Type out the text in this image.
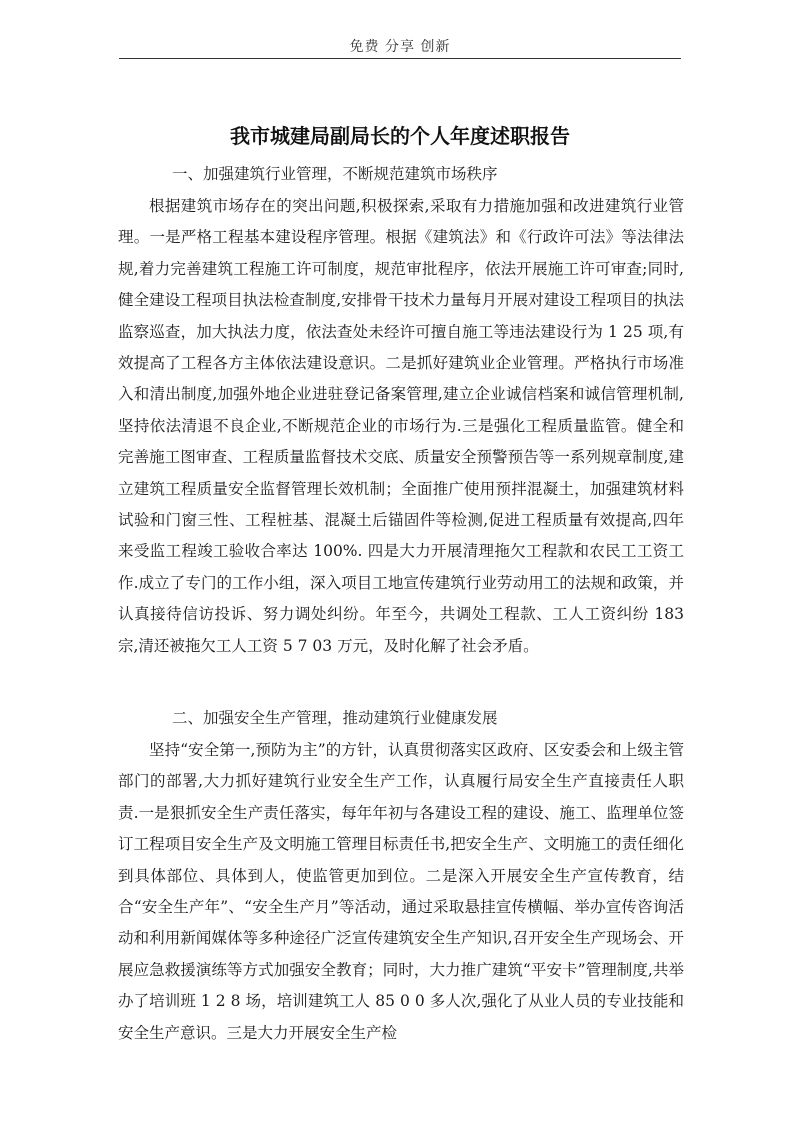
免费 分享 创新
我市城建局副局长的个人年度述职报告
一、加强建筑行业管理，不断规范建筑市场秩序
根据建筑市场存在的突出问题,积极探索,采取有力措施加强和改进建筑行业管理。一是严格工程基本建设程序管理。根据《建筑法》和《行政许可法》等法律法规,着力完善建筑工程施工许可制度，规范审批程序，依法开展施工许可审查;同时,健全建设工程项目执法检查制度,安排骨干技术力量每月开展对建设工程项目的执法监察巡查，加大执法力度，依法查处未经许可擅自施工等违法建设行为 1 25 项,有效提高了工程各方主体依法建设意识。二是抓好建筑业企业管理。严格执行市场准入和清出制度,加强外地企业进驻登记备案管理,建立企业诚信档案和诚信管理机制,坚持依法清退不良企业,不断规范企业的市场行为.三是强化工程质量监管。健全和完善施工图审查、工程质量监督技术交底、质量安全预警预告等一系列规章制度,建立建筑工程质量安全监督管理长效机制；全面推广使用预拌混凝土，加强建筑材料试验和门窗三性、工程桩基、混凝土后锚固件等检测,促进工程质量有效提高,四年来受监工程竣工验收合率达 100%. 四是大力开展清理拖欠工程款和农民工工资工作.成立了专门的工作小组，深入项目工地宣传建筑行业劳动用工的法规和政策，并认真接待信访投诉、努力调处纠纷。年至今，共调处工程款、工人工资纠纷 183 宗,清还被拖欠工人工资 5 7 03 万元，及时化解了社会矛盾。
二、加强安全生产管理，推动建筑行业健康发展
坚持“安全第一,预防为主”的方针，认真贯彻落实区政府、区安委会和上级主管部门的部署,大力抓好建筑行业安全生产工作，认真履行局安全生产直接责任人职责.一是狠抓安全生产责任落实，每年年初与各建设工程的建设、施工、监理单位签订工程项目安全生产及文明施工管理目标责任书,把安全生产、文明施工的责任细化到具体部位、具体到人，使监管更加到位。二是深入开展安全生产宣传教育，结合“安全生产年”、“安全生产月”等活动，通过采取悬挂宣传横幅、举办宣传咨询活动和利用新闻媒体等多种途径广泛宣传建筑安全生产知识,召开安全生产现场会、开展应急救援演练等方式加强安全教育；同时，大力推广建筑“平安卡”管理制度,共举办了培训班 1 2 8 场，培训建筑工人 85 0 0 多人次,强化了从业人员的专业技能和安全生产意识。三是大力开展安全生产检
